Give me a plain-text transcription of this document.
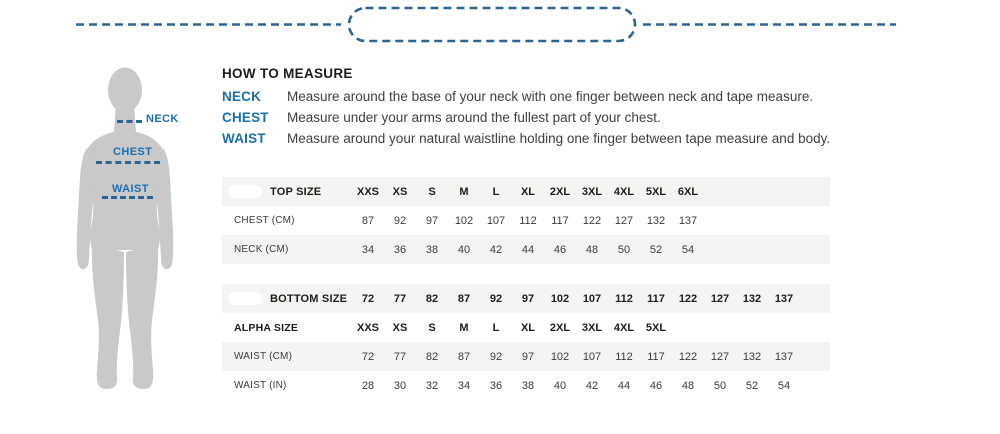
NECK
CHEST
WAIST
HOW TO MEASURE
NECK	Measure around the base of your neck with one finger between neck and tape measure.
CHEST	Measure under your arms around the fullest part of your chest.
WAIST	Measure around your natural waistline holding one finger between tape measure and body.
TOP SIZE	XXS	XS	S	M	L	XL	2XL	3XL	4XL	5XL	6XL
CHEST (CM)	87	92	97	102	107	112	117	122	127	132	137
NECK (CM)	34	36	38	40	42	44	46	48	50	52	54
BOTTOM SIZE	72	77	82	87	92	97	102	107	112	117	122	127	132	137
ALPHA SIZE	XXS	XS	S	M	L	XL	2XL	3XL	4XL	5XL
WAIST (CM)	72	77	82	87	92	97	102	107	112	117	122	127	132	137
WAIST (IN)	28	30	32	34	36	38	40	42	44	46	48	50	52	54
